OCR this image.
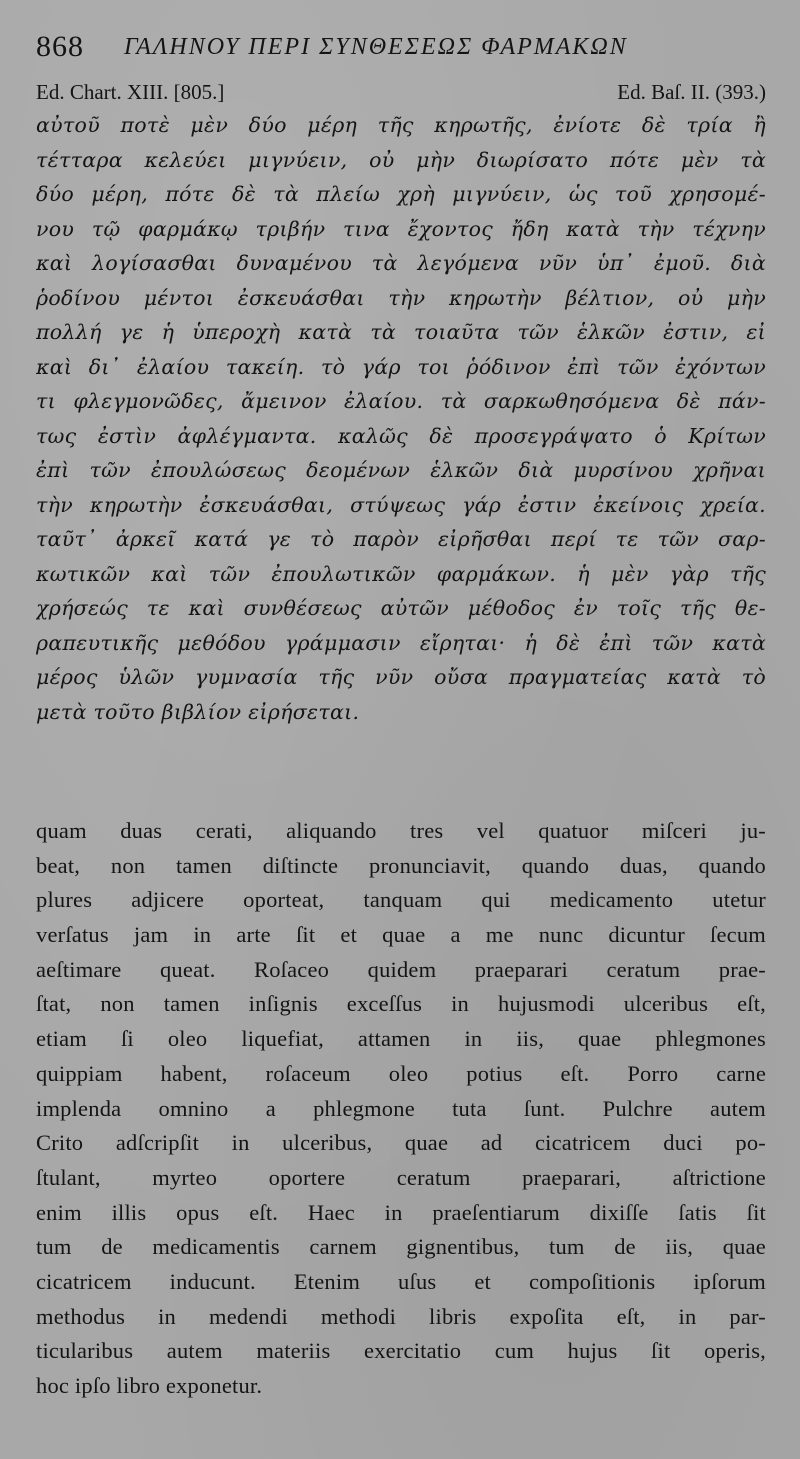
868 ΓΑΛΗΝΟΥ ΠΕΡΙ ΣΥΝΘΕΣΕΩΣ ΦΑΡΜΑΚΩΝ
Ed. Chart. XIII. [805.]	Ed. Baſ. II. (393.)
αὐτοῦ ποτὲ μὲν δύο μέρη τῆς κηρωτῆς, ἐνίοτε δὲ τρία ἢ
τέτταρα κελεύει μιγνύειν, οὐ μὴν διωρίσατο πότε μὲν τὰ
δύο μέρη, πότε δὲ τὰ πλείω χρὴ μιγνύειν, ὡς τοῦ χρησομέ-
νου τῷ φαρμάκῳ τριβήν τινα ἔχοντος ἤδη κατὰ τὴν τέχνην
καὶ λογίσασθαι δυναμένου τὰ λεγόμενα νῦν ὑπ᾽ ἐμοῦ. διὰ
ῥοδίνου μέντοι ἐσκευάσθαι τὴν κηρωτὴν βέλτιον, οὐ μὴν
πολλή γε ἡ ὑπεροχὴ κατὰ τὰ τοιαῦτα τῶν ἑλκῶν ἐστιν, εἰ
καὶ δι᾽ ἐλαίου τακείη. τὸ γάρ τοι ῥόδινον ἐπὶ τῶν ἐχόντων
τι φλεγμονῶδες, ἄμεινον ἐλαίου. τὰ σαρκωθησόμενα δὲ πάν-
τως ἐστὶν ἀφλέγμαντα. καλῶς δὲ προσεγράψατο ὁ Κρίτων
ἐπὶ τῶν ἐπουλώσεως δεομένων ἑλκῶν διὰ μυρσίνου χρῆναι
τὴν κηρωτὴν ἐσκευάσθαι, στύψεως γάρ ἐστιν ἐκείνοις χρεία.
ταῦτ᾽ ἀρκεῖ κατά γε τὸ παρὸν εἰρῆσθαι περί τε τῶν σαρ-
κωτικῶν καὶ τῶν ἐπουλωτικῶν φαρμάκων. ἡ μὲν γὰρ τῆς
χρήσεώς τε καὶ συνθέσεως αὐτῶν μέθοδος ἐν τοῖς τῆς θε-
ραπευτικῆς μεθόδου γράμμασιν εἴρηται· ἡ δὲ ἐπὶ τῶν κατὰ
μέρος ὑλῶν γυμνασία τῆς νῦν οὔσα πραγματείας κατὰ τὸ
μετὰ τοῦτο βιβλίον εἰρήσεται.
quam duas cerati, aliquando tres vel quatuor miſceri ju-
beat, non tamen diſtincte pronunciavit, quando duas, quando
plures adjicere oporteat, tanquam qui medicamento utetur
verſatus jam in arte ſit et quae a me nunc dicuntur ſecum
aeſtimare queat. Roſaceo quidem praeparari ceratum prae-
ſtat, non tamen inſignis exceſſus in hujusmodi ulceribus eſt,
etiam ſi oleo liquefiat, attamen in iis, quae phlegmones
quippiam habent, roſaceum oleo potius eſt. Porro carne
implenda omnino a phlegmone tuta ſunt. Pulchre autem
Crito adſcripſit in ulceribus, quae ad cicatricem duci po-
ſtulant, myrteo oportere ceratum praeparari, aſtrictione
enim illis opus eſt. Haec in praeſentiarum dixiſſe ſatis ſit
tum de medicamentis carnem gignentibus, tum de iis, quae
cicatricem inducunt. Etenim uſus et compoſitionis ipſorum
methodus in medendi methodi libris expoſita eſt, in par-
ticularibus autem materiis exercitatio cum hujus ſit operis,
hoc ipſo libro exponetur.
